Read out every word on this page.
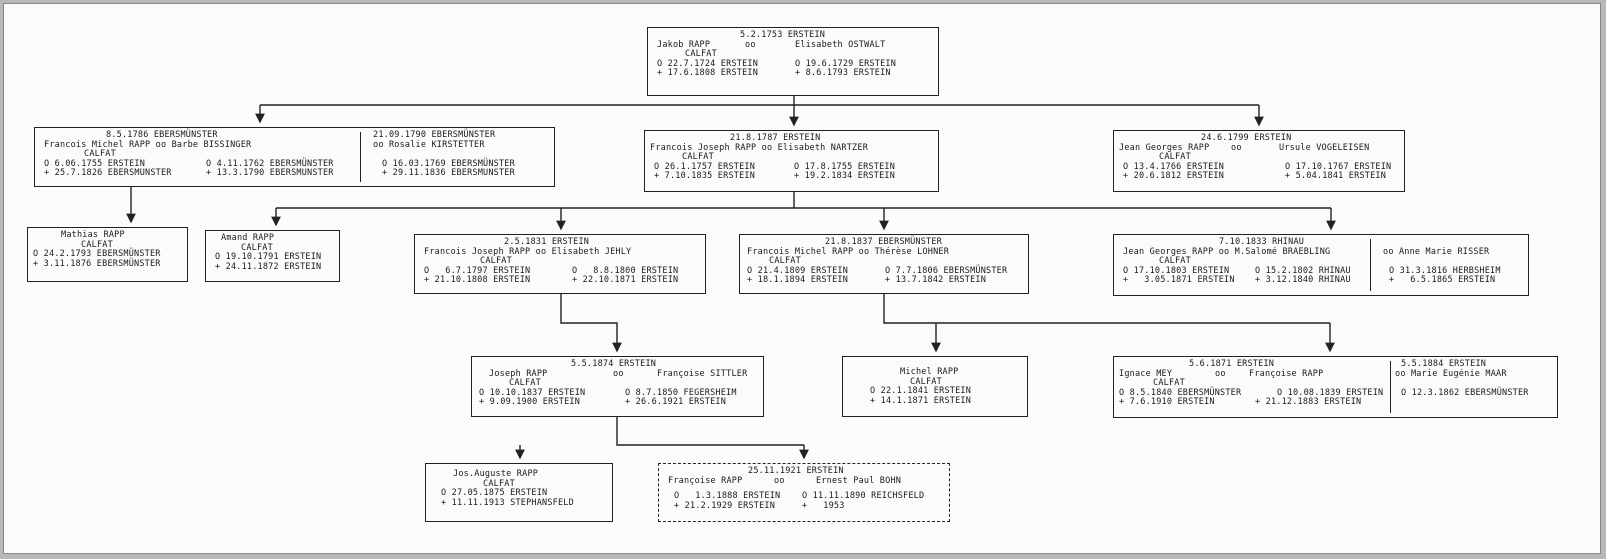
5.2.1753 ERSTEIN

Jakob RAPP

	oo

	Elisabeth OSTWALT

CALFAT

O 22.7.1724 ERSTEIN

	O 19.6.1729 ERSTEIN

+ 17.6.1808 ERSTEIN

	+ 8.6.1793 ERSTEIN

8.5.1786 EBERSMÜNSTER

	21.09.1790 EBERSMÜNSTER

Francois Michel RAPP oo Barbe BISSINGER

	oo Rosalie KIRSTETTER

CALFAT

O 6.06.1755 ERSTEIN

	O 4.11.1762 EBERSMÜNSTER

	O 16.03.1769 EBERSMÜNSTER

+ 25.7.1826 EBERSMUNSTER

	+ 13.3.1790 EBERSMUNSTER

	+ 29.11.1836 EBERSMUNSTER

21.8.1787 ERSTEIN
Francois Joseph RAPP oo Elisabeth NARTZER
CALFAT

O 26.1.1757 ERSTEIN

	O 17.8.1755 ERSTEIN

+ 7.10.1835 ERSTEIN

	+ 19.2.1834 ERSTEIN

24.6.1799 ERSTEIN

Jean Georges RAPP

	oo

	Ursule VOGELEISEN

CALFAT

O 13.4.1766 ERSTEIN

	O 17.10.1767 ERSTEIN

+ 20.6.1812 ERSTEIN

	+ 5.04.1841 ERSTEIN

Mathias RAPP
CALFAT
O 24.2.1793 EBERSMÜNSTER
+ 3.11.1876 EBERSMÜNSTER
Amand RAPP
CALFAT
O 19.10.1791 ERSTEIN
+ 24.11.1872 ERSTEIN
2.5.1831 ERSTEIN
Francois Joseph RAPP oo Elisabeth JEHLY
CALFAT

O   6.7.1797 ERSTEIN

	O   8.8.1800 ERSTEIN

+ 21.10.1808 ERSTEIN

	+ 22.10.1871 ERSTEIN

21.8.1837 EBERSMÜNSTER
Francois Michel RAPP oo Thérèse LOHNER
CALFAT

O 21.4.1809 ERSTEIN

	O 7.7.1806 EBERSMÜNSTER

+ 18.1.1894 ERSTEIN

	+ 13.7.1842 ERSTEIN

7.10.1833 RHINAU

Jean Georges RAPP oo M.Salomé BRAEBLING

	oo Anne Marie RISSER

CALFAT

O 17.10.1803 ERSTEIN

	O 15.2.1802 RHINAU

	O 31.3.1816 HERBSHEIM

+   3.05.1871 ERSTEIN

+ 3.12.1840 RHINAU

	+   6.5.1865 ERSTEIN

5.5.1874 ERSTEIN

Joseph RAPP

	oo

	Françoise SITTLER

CALFAT

O 10.10.1837 ERSTEIN

	O 8.7.1850 FEGERSHEIM

+ 9.09.1900 ERSTEIN

	+ 26.6.1921 ERSTEIN

Michel RAPP
CALFAT
O 22.1.1841 ERSTEIN
+ 14.1.1871 ERSTEIN

5.6.1871 ERSTEIN

	5.5.1884 ERSTEIN

Ignace MEY

	oo

	Françoise RAPP

	oo Marie Eugénie MAAR

CALFAT

O 8.5.1840 EBERSMÜNSTER

	O 10.08.1839 ERSTEIN

O 12.3.1862 EBERSMÜNSTER

+ 7.6.1910 ERSTEIN

	+ 21.12.1883 ERSTEIN

Jos.Auguste RAPP
CALFAT
O 27.05.1875 ERSTEIN
+ 11.11.1913 STEPHANSFELD
25.11.1921 ERSTEIN

Françoise RAPP

	oo

	Ernest Paul BOHN

O   1.3.1888 ERSTEIN

	O 11.11.1890 REICHSFELD

+ 21.2.1929 ERSTEIN

	+   1953
